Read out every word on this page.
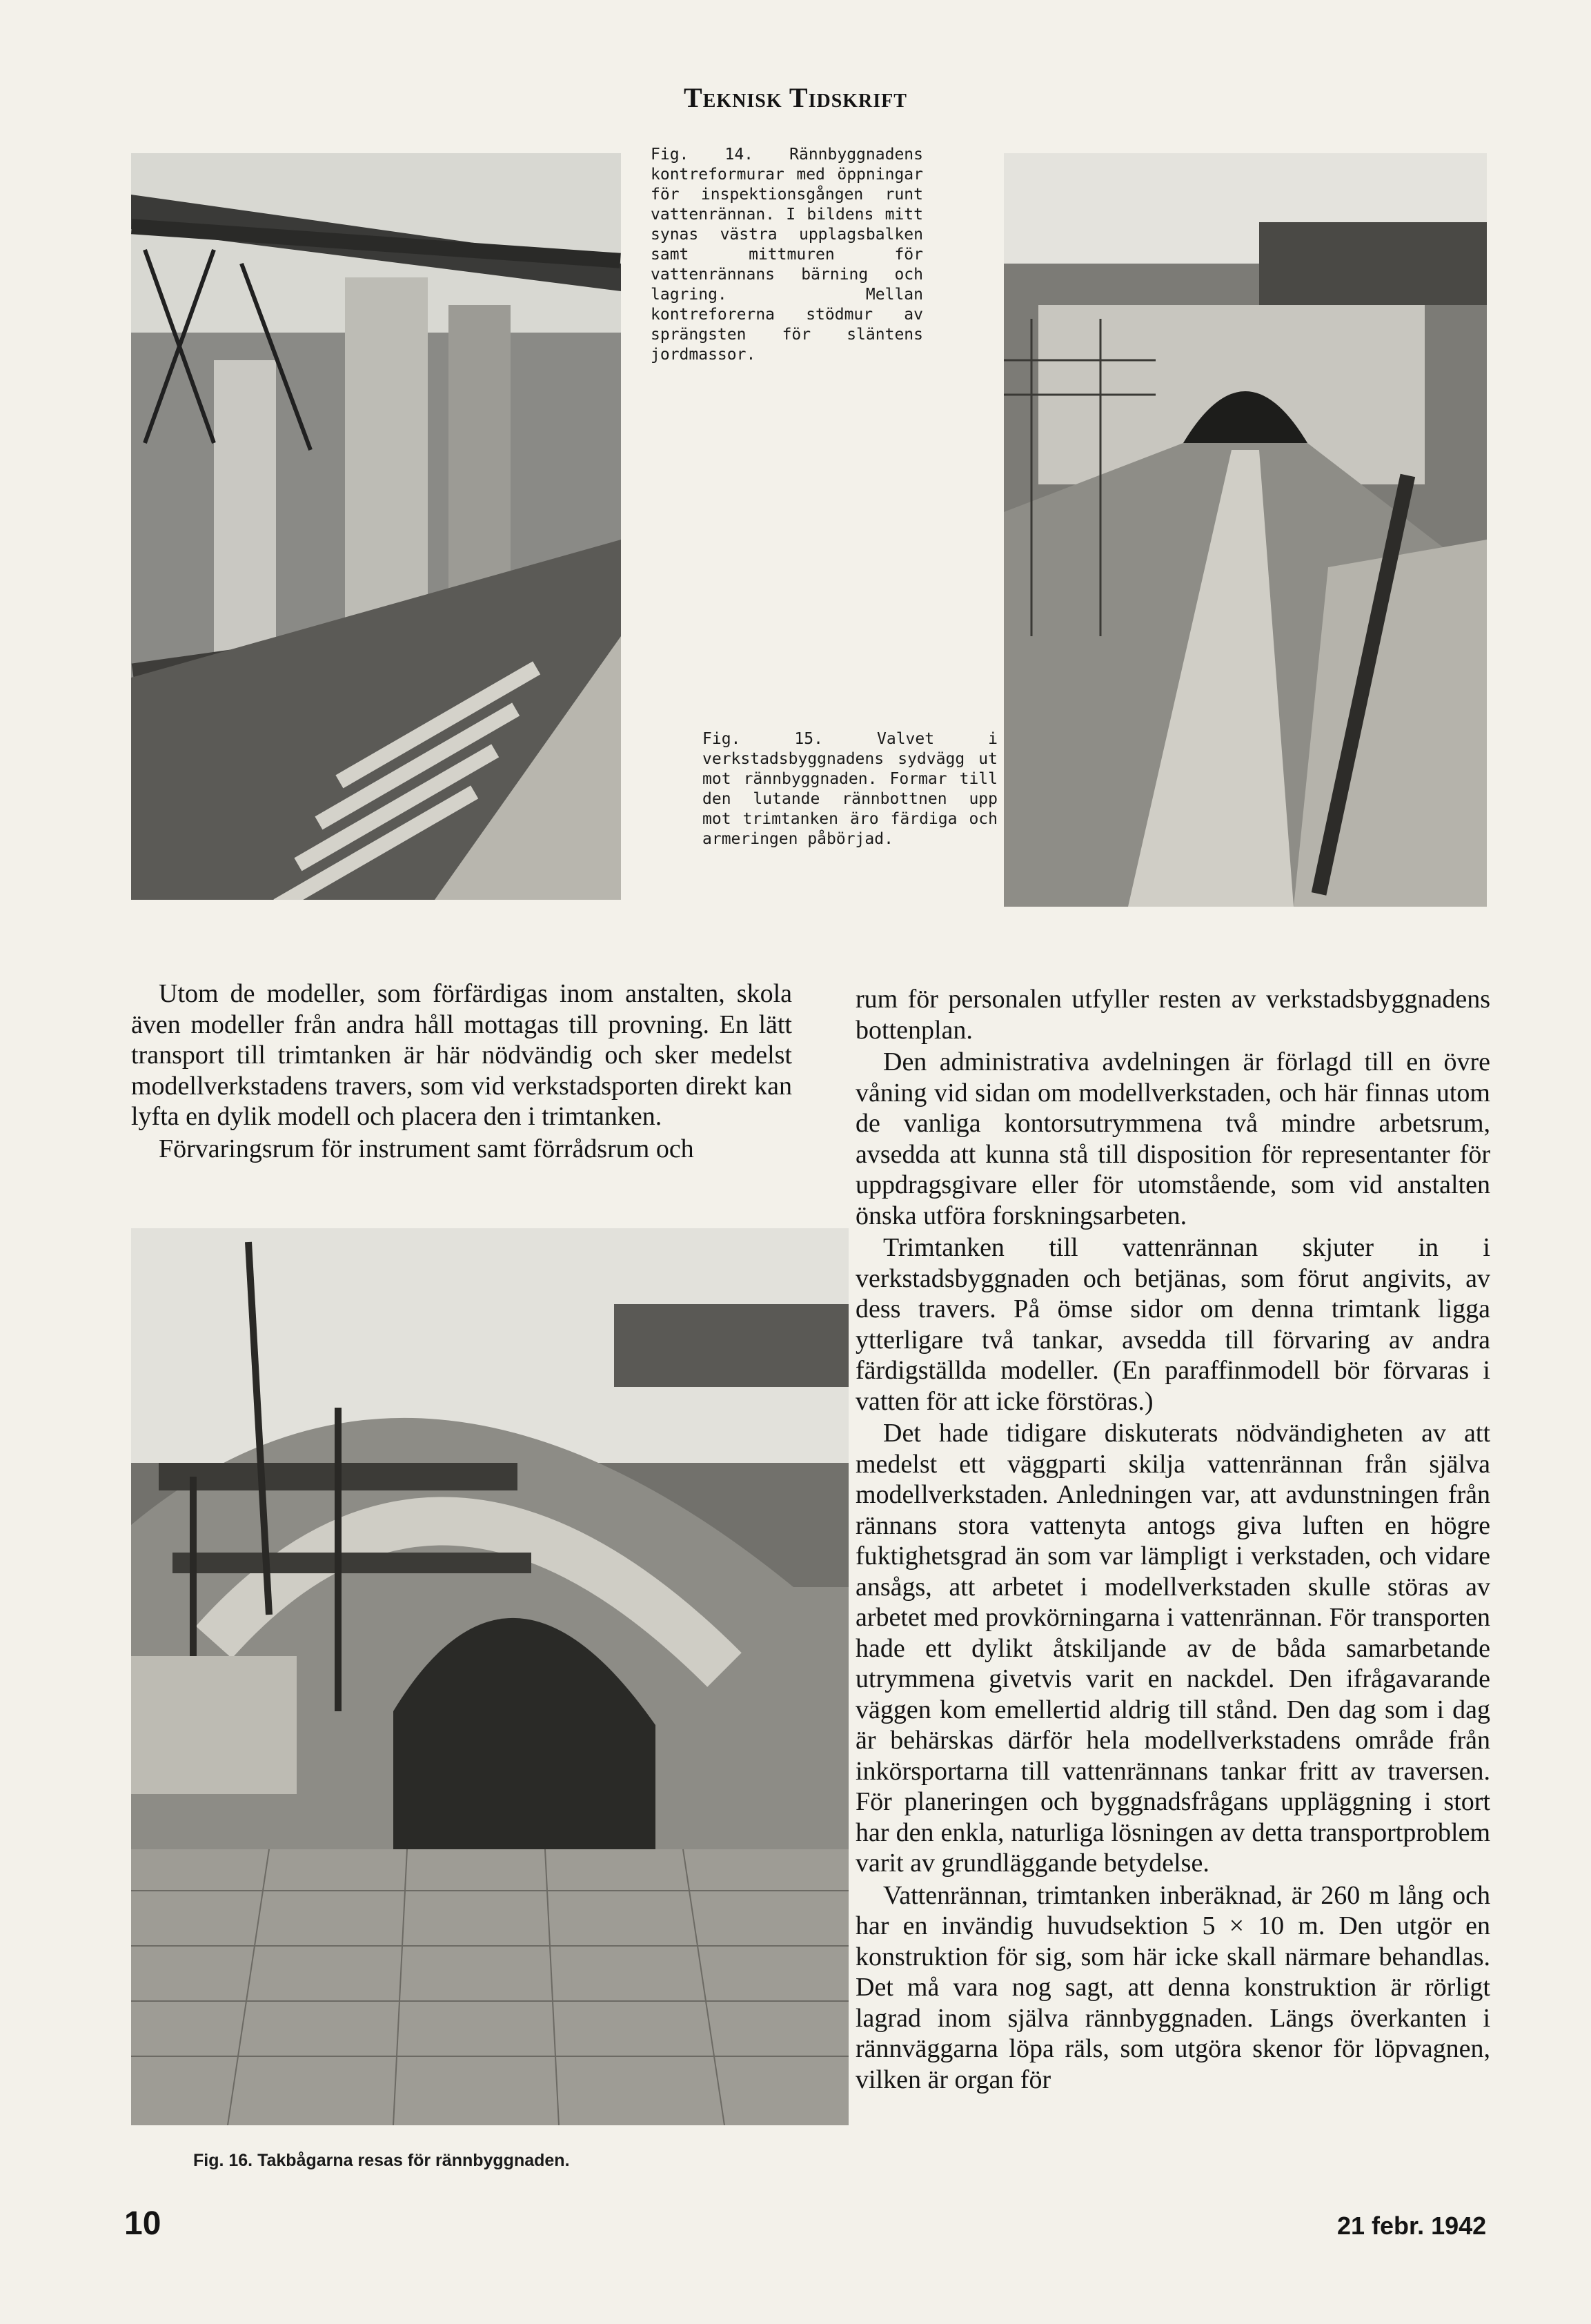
Teknisk Tidskrift
Fig. 14. Rännbyggnadens kontreformurar med öppningar för inspektionsgången runt vattenrännan. I bildens mitt synas västra upplagsbalken samt mittmuren för vattenrännans bärning och lagring. Mellan kontreforerna stödmur av sprängsten för släntens jordmassor.
Fig. 15. Valvet i verkstadsbyggnadens sydvägg ut mot rännbyggnaden. Formar till den lutande rännbottnen upp mot trimtanken äro färdiga och armeringen påbörjad.
Fig. 16. Takbågarna resas för rännbyggnaden.

Utom de modeller, som förfärdigas inom anstalten, skola även modeller från andra håll mottagas till provning. En lätt transport till trimtanken är här nödvändig och sker medelst modellverkstadens travers, som vid verkstadsporten direkt kan lyfta en dylik modell och placera den i trimtanken.

Förvaringsrum för instrument samt förrådsrum och

rum för personalen utfyller resten av verkstadsbyggnadens bottenplan.

Den administrativa avdelningen är förlagd till en övre våning vid sidan om modellverkstaden, och här finnas utom de vanliga kontorsutrymmena två mindre arbetsrum, avsedda att kunna stå till disposition för representanter för uppdragsgivare eller för utomstående, som vid anstalten önska utföra forskningsarbeten.

Trimtanken till vattenrännan skjuter in i verkstadsbyggnaden och betjänas, som förut angivits, av dess travers. På ömse sidor om denna trimtank ligga ytterligare två tankar, avsedda till förvaring av andra färdigställda modeller. (En paraffinmodell bör förvaras i vatten för att icke förstöras.)

Det hade tidigare diskuterats nödvändigheten av att medelst ett väggparti skilja vattenrännan från själva modellverkstaden. Anledningen var, att avdunstningen från rännans stora vattenyta antogs giva luften en högre fuktighetsgrad än som var lämpligt i verkstaden, och vidare ansågs, att arbetet i modellverkstaden skulle störas av arbetet med provkörningarna i vattenrännan. För transporten hade ett dylikt åtskiljande av de båda samarbetande utrymmena givetvis varit en nackdel. Den ifrågavarande väggen kom emellertid aldrig till stånd. Den dag som i dag är behärskas därför hela modellverkstadens område från inkörsportarna till vattenrännans tankar fritt av traversen. För planeringen och byggnadsfrågans uppläggning i stort har den enkla, naturliga lösningen av detta transportproblem varit av grundläggande betydelse.

Vattenrännan, trimtanken inberäknad, är 260 m lång och har en invändig huvudsektion 5 × 10 m. Den utgör en konstruktion för sig, som här icke skall närmare behandlas. Det må vara nog sagt, att denna konstruktion är rörligt lagrad inom själva rännbyggnaden. Längs överkanten i rännväggarna löpa räls, som utgöra skenor för löpvagnen, vilken är organ för

10	21 febr. 1942
